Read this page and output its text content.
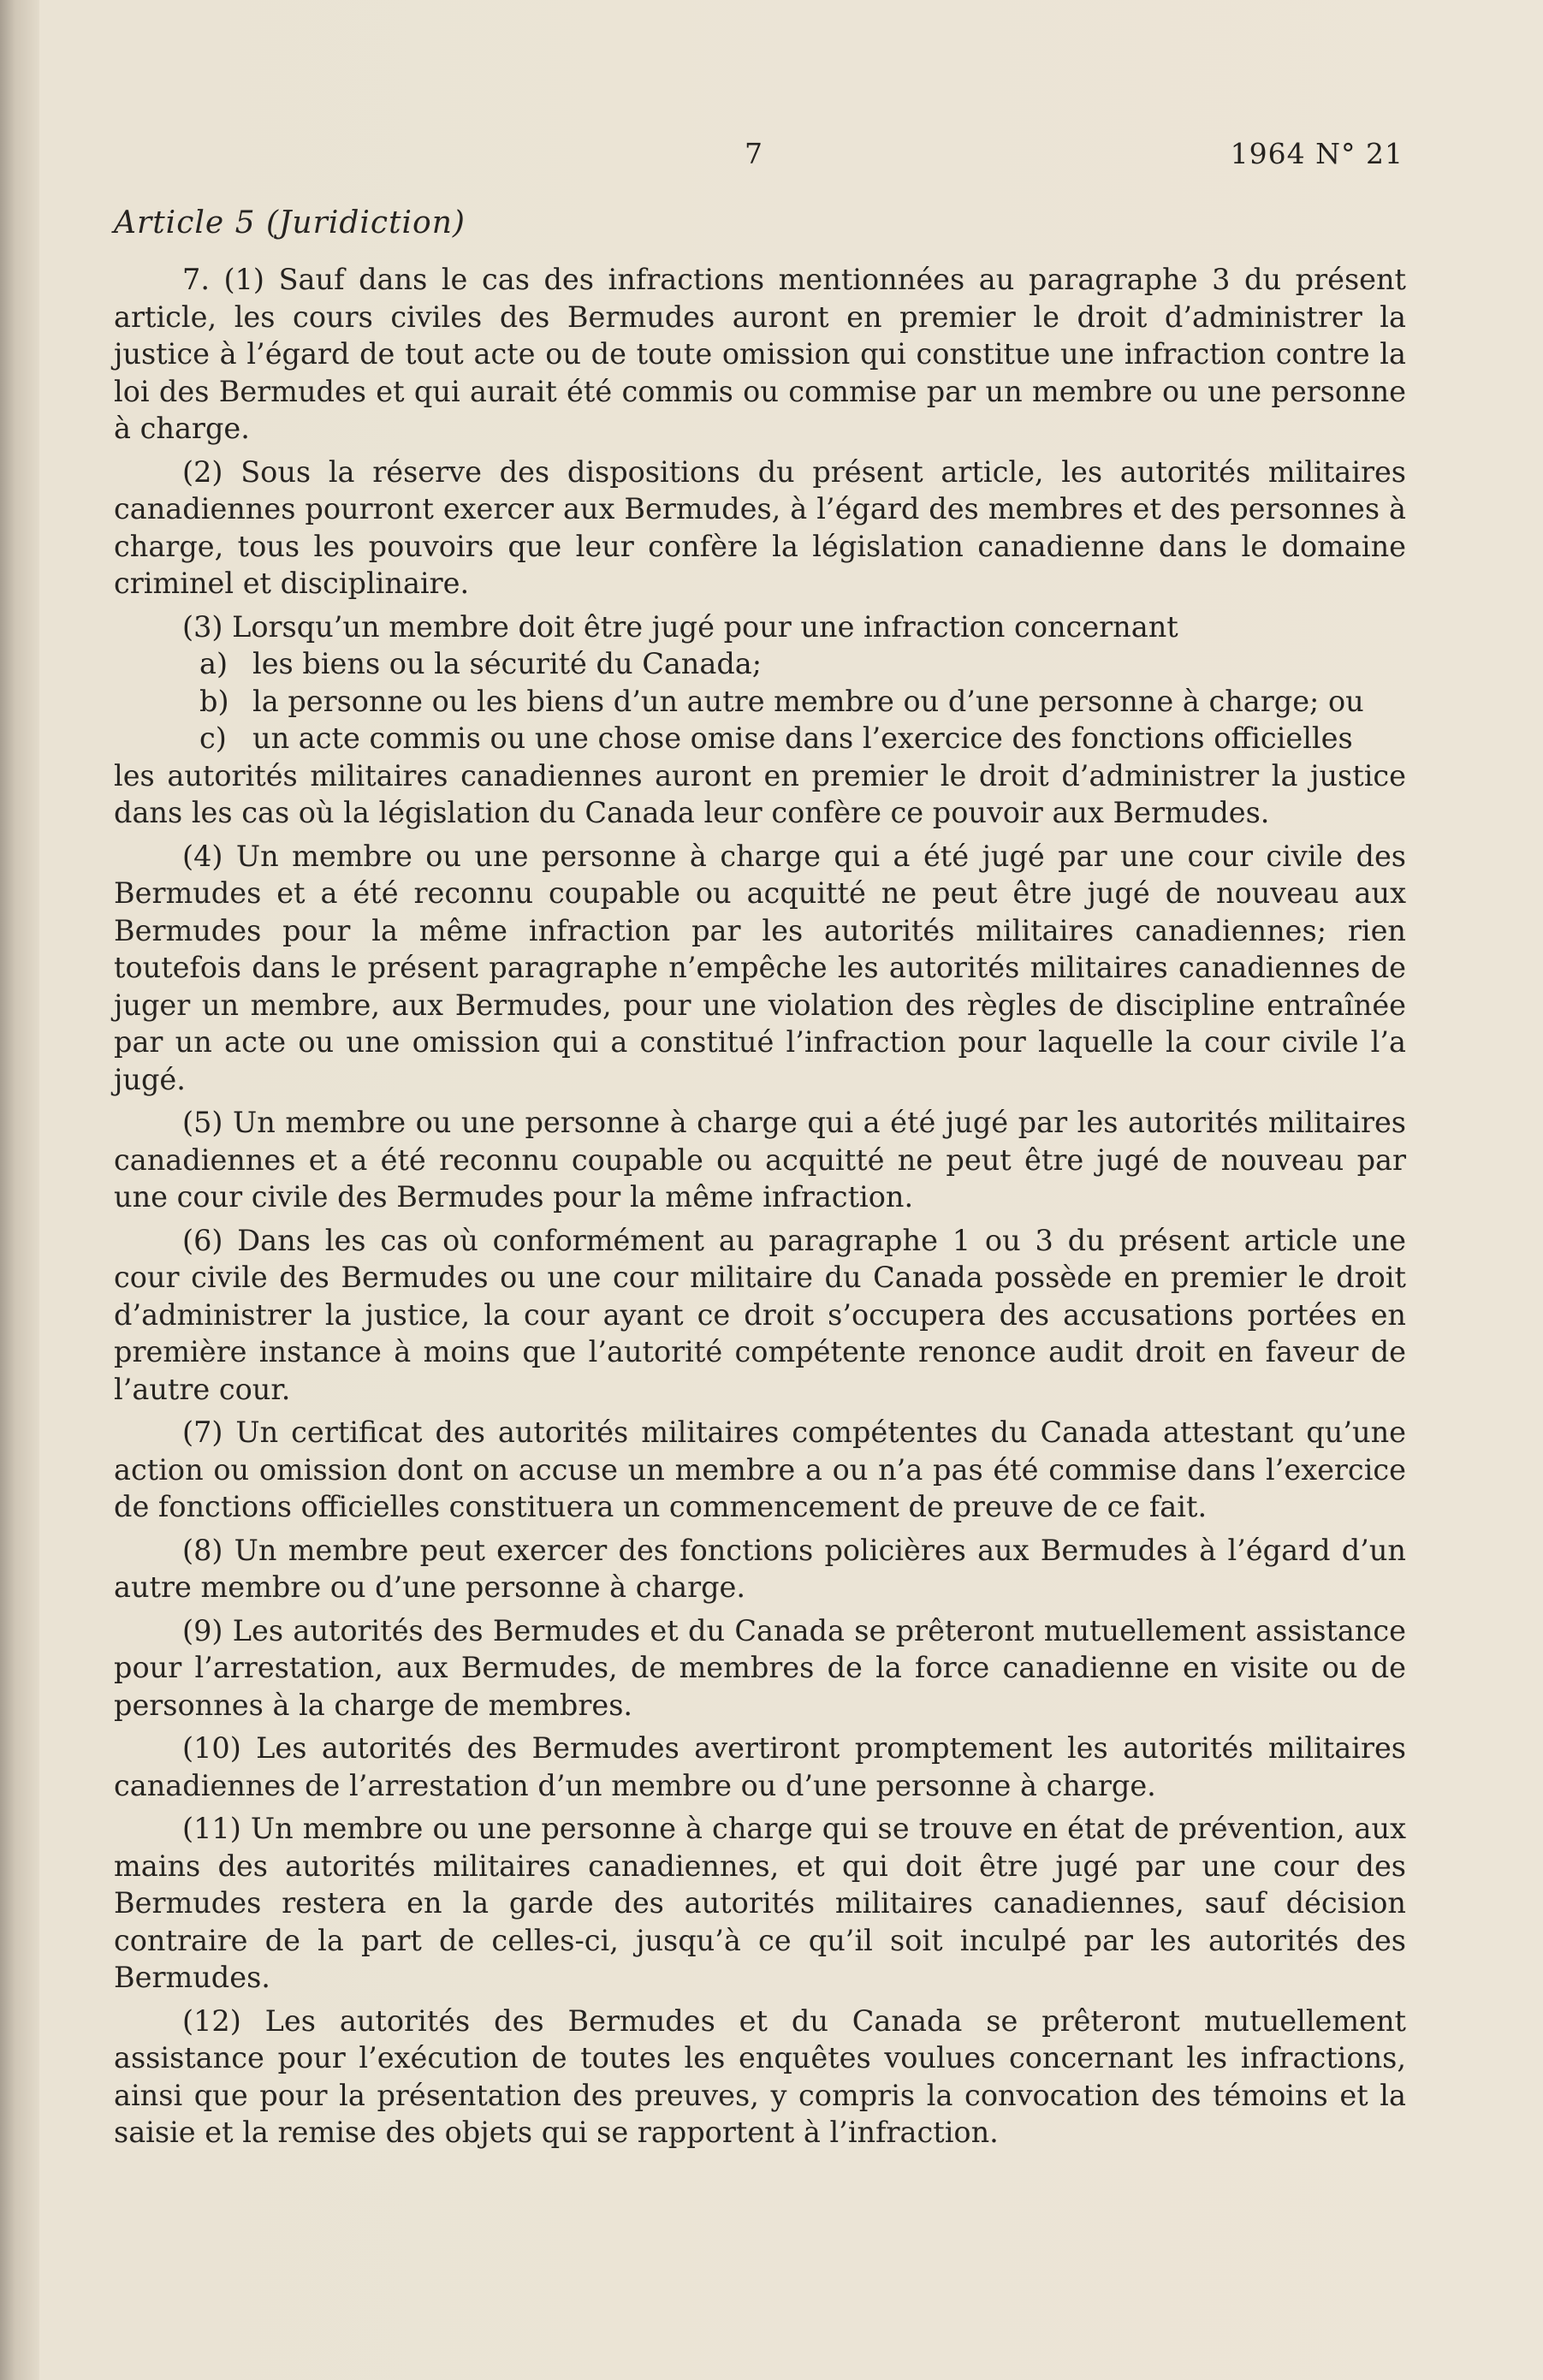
7	1964 N° 21
Article 5 (Juridiction)

7. (1) Sauf dans le cas des infractions mentionnées au paragraphe 3 du présent article, les cours civiles des Bermudes auront en premier le droit d’administrer la justice à l’égard de tout acte ou de toute omission qui constitue une infraction contre la loi des Bermudes et qui aurait été commis ou commise par un membre ou une personne à charge.

(2) Sous la réserve des dispositions du présent article, les autorités militaires canadiennes pourront exercer aux Bermudes, à l’égard des membres et des personnes à charge, tous les pouvoirs que leur confère la législation canadienne dans le domaine criminel et disciplinaire.

(3) Lorsqu’un membre doit être jugé pour une infraction concernant

a) les biens ou la sécurité du Canada;
b) la personne ou les biens d’un autre membre ou d’une personne à charge; ou
c) un acte commis ou une chose omise dans l’exercice des fonctions officielles

les autorités militaires canadiennes auront en premier le droit d’administrer la justice dans les cas où la législation du Canada leur confère ce pouvoir aux Bermudes.

(4) Un membre ou une personne à charge qui a été jugé par une cour civile des Bermudes et a été reconnu coupable ou acquitté ne peut être jugé de nouveau aux Bermudes pour la même infraction par les autorités militaires canadiennes; rien toutefois dans le présent paragraphe n’empêche les autorités militaires canadiennes de juger un membre, aux Bermudes, pour une violation des règles de discipline entraînée par un acte ou une omission qui a constitué l’infraction pour laquelle la cour civile l’a jugé.

(5) Un membre ou une personne à charge qui a été jugé par les autorités militaires canadiennes et a été reconnu coupable ou acquitté ne peut être jugé de nouveau par une cour civile des Bermudes pour la même infraction.

(6) Dans les cas où conformément au paragraphe 1 ou 3 du présent article une cour civile des Bermudes ou une cour militaire du Canada possède en premier le droit d’administrer la justice, la cour ayant ce droit s’occupera des accusations portées en première instance à moins que l’autorité compétente renonce audit droit en faveur de l’autre cour.

(7) Un certificat des autorités militaires compétentes du Canada attestant qu’une action ou omission dont on accuse un membre a ou n’a pas été commise dans l’exercice de fonctions officielles constituera un commencement de preuve de ce fait.

(8) Un membre peut exercer des fonctions policières aux Bermudes à l’égard d’un autre membre ou d’une personne à charge.

(9) Les autorités des Bermudes et du Canada se prêteront mutuellement assistance pour l’arrestation, aux Bermudes, de membres de la force canadienne en visite ou de personnes à la charge de membres.

(10) Les autorités des Bermudes avertiront promptement les autorités militaires canadiennes de l’arrestation d’un membre ou d’une personne à charge.

(11) Un membre ou une personne à charge qui se trouve en état de prévention, aux mains des autorités militaires canadiennes, et qui doit être jugé par une cour des Bermudes restera en la garde des autorités militaires canadiennes, sauf décision contraire de la part de celles-ci, jusqu’à ce qu’il soit inculpé par les autorités des Bermudes.

(12) Les autorités des Bermudes et du Canada se prêteront mutuellement assistance pour l’exécution de toutes les enquêtes voulues concernant les infractions, ainsi que pour la présentation des preuves, y compris la convocation des témoins et la saisie et la remise des objets qui se rapportent à l’infraction.
